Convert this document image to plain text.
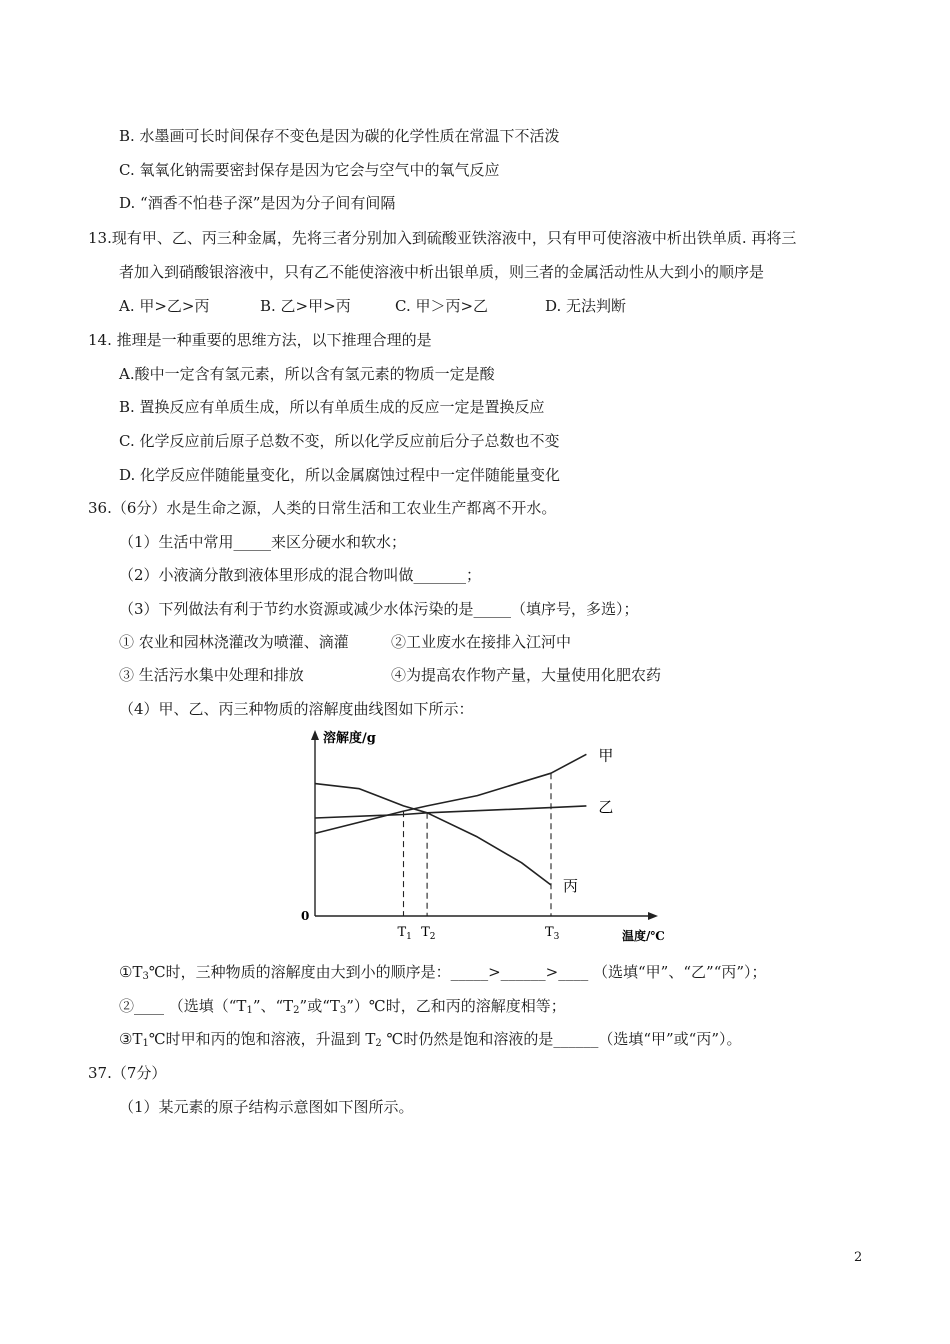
B. 水墨画可长时间保存不变色是因为碳的化学性质在常温下不活泼
C. 氧氧化钠需要密封保存是因为它会与空气中的氧气反应
D. “酒香不怕巷子深”是因为分子间有间隔
13.现有甲、乙、丙三种金属，先将三者分别加入到硫酸亚铁溶液中，只有甲可使溶液中析出铁单质. 再将三
者加入到硝酸银溶液中，只有乙不能使溶液中析出银单质，则三者的金属活动性从大到小的顺序是
A. 甲>乙>丙	B. 乙>甲>丙	C. 甲＞丙>乙	D. 无法判断
14. 推理是一种重要的思维方法，以下推理合理的是
A.酸中一定含有氢元素，所以含有氢元素的物质一定是酸
B. 置换反应有单质生成，所以有单质生成的反应一定是置换反应
C. 化学反应前后原子总数不变，所以化学反应前后分子总数也不变
D. 化学反应伴随能量变化，所以金属腐蚀过程中一定伴随能量变化
36.（6分）水是生命之源，人类的日常生活和工农业生产都离不开水。
（1）生活中常用_____来区分硬水和软水；
（2）小液滴分散到液体里形成的混合物叫做_______；
（3）下列做法有利于节约水资源或减少水体污染的是_____（填序号，多选）；
① 农业和园林浇灌改为喷灌、滴灌	②工业废水在接排入江河中
③ 生活污水集中处理和排放	④为提高农作物产量，大量使用化肥农药
（4）甲、乙、丙三种物质的溶解度曲线图如下所示：
溶解度/g
温度/℃
0
甲
乙
丙
$T_1$ $T_2$	$T_3$
$①T_3℃$时，三种物质的溶解度由大到小的顺序是：_____>______>____ （选填“甲”、“乙”“丙”）；
②____ （选填（“$T_1$”、“$T_2$”或“$T_3”)℃$时，乙和丙的溶解度相等；
$③T_1℃$时甲和丙的饱和溶液，升温到 $T_2$ ℃时仍然是饱和溶液的是______（选填“甲”或“丙”）。
37.（7分）
（1）某元素的原子结构示意图如下图所示。
2
